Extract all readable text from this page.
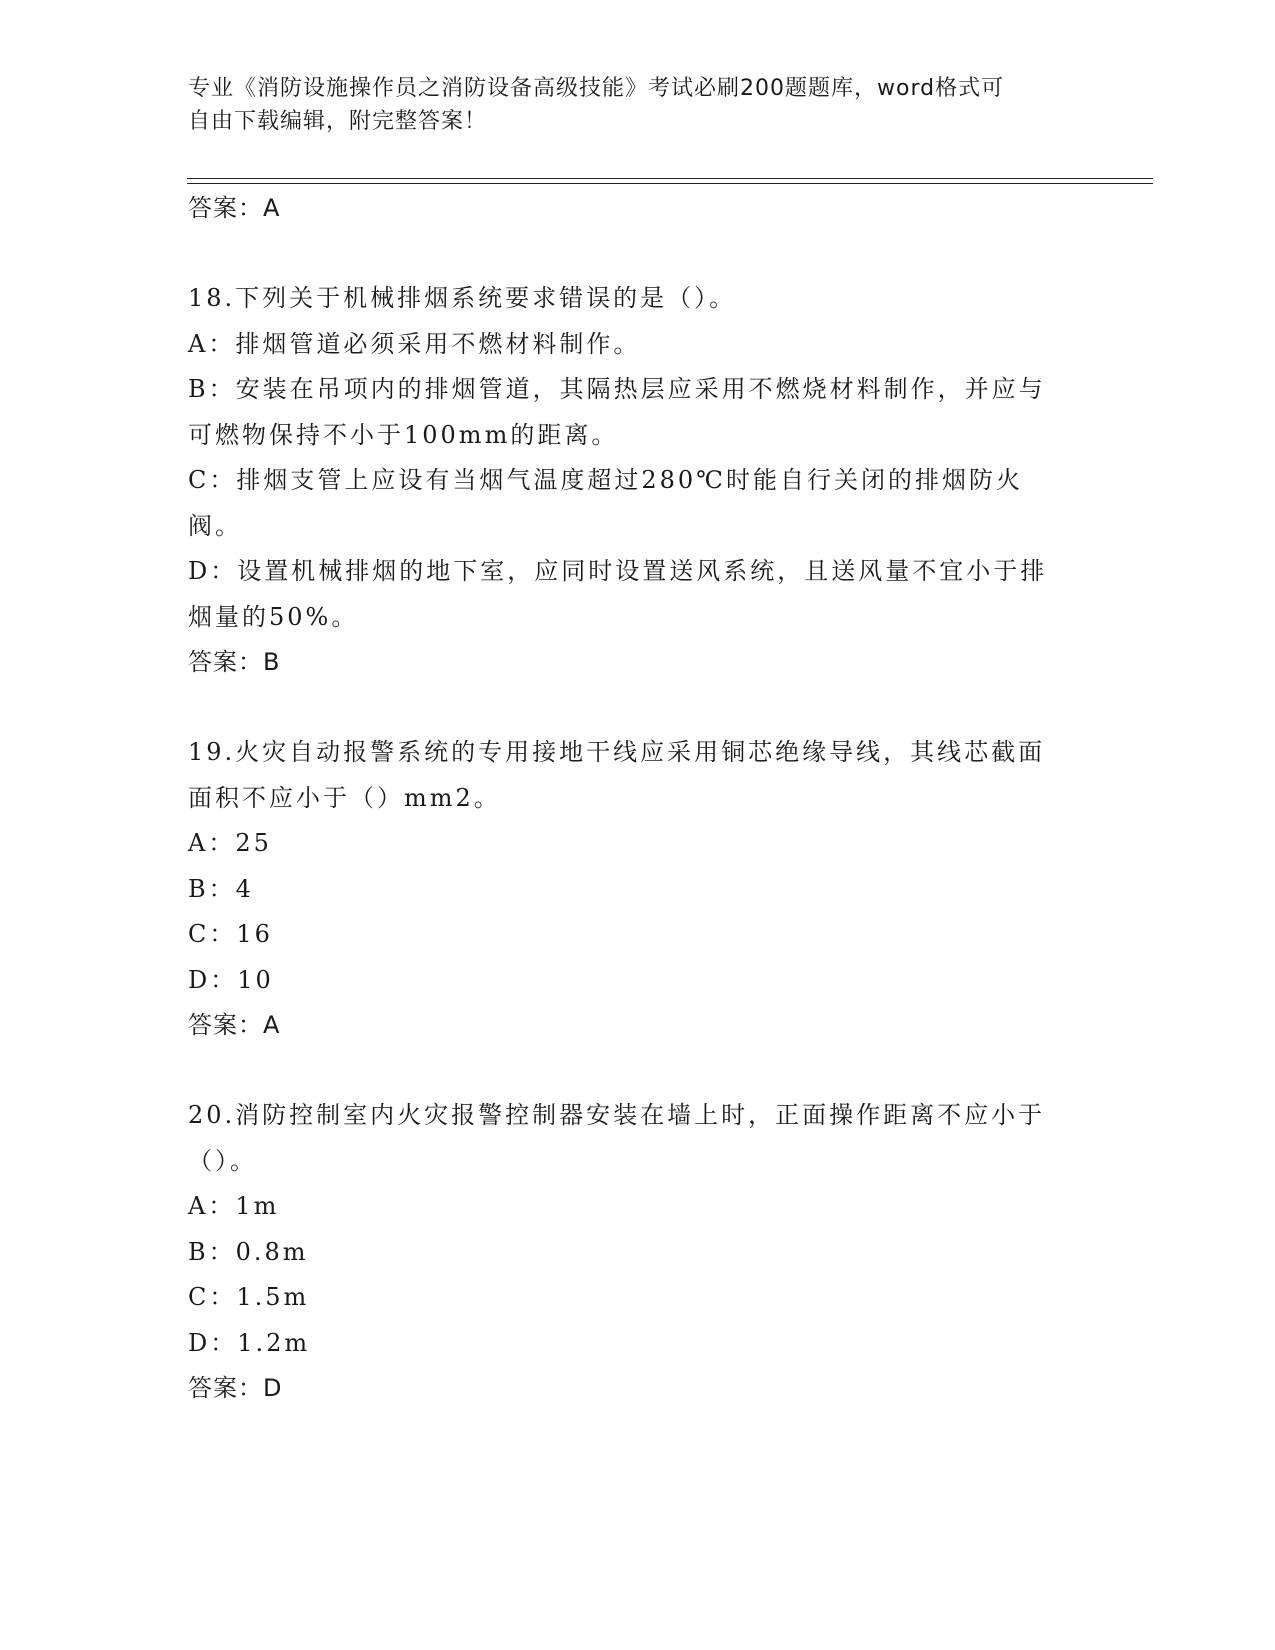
专业《消防设施操作员之消防设备高级技能》考试必刷200题题库，word格式可
自由下载编辑，附完整答案！
答案：A
18.下列关于机械排烟系统要求错误的是（）。
A：排烟管道必须采用不燃材料制作。
B：安装在吊项内的排烟管道，其隔热层应采用不燃烧材料制作，并应与可燃物保持不小于100mm的距离。
C：排烟支管上应设有当烟气温度超过280℃时能自行关闭的排烟防火阀。
D：设置机械排烟的地下室，应同时设置送风系统，且送风量不宜小于排烟量的50%。
答案：B
19.火灾自动报警系统的专用接地干线应采用铜芯绝缘导线，其线芯截面面积不应小于（）mm2。
A：25
B：4
C：16
D：10
答案：A
20.消防控制室内火灾报警控制器安装在墙上时，正面操作距离不应小于（）。
A：1m
B：0.8m
C：1.5m
D：1.2m
答案：D
